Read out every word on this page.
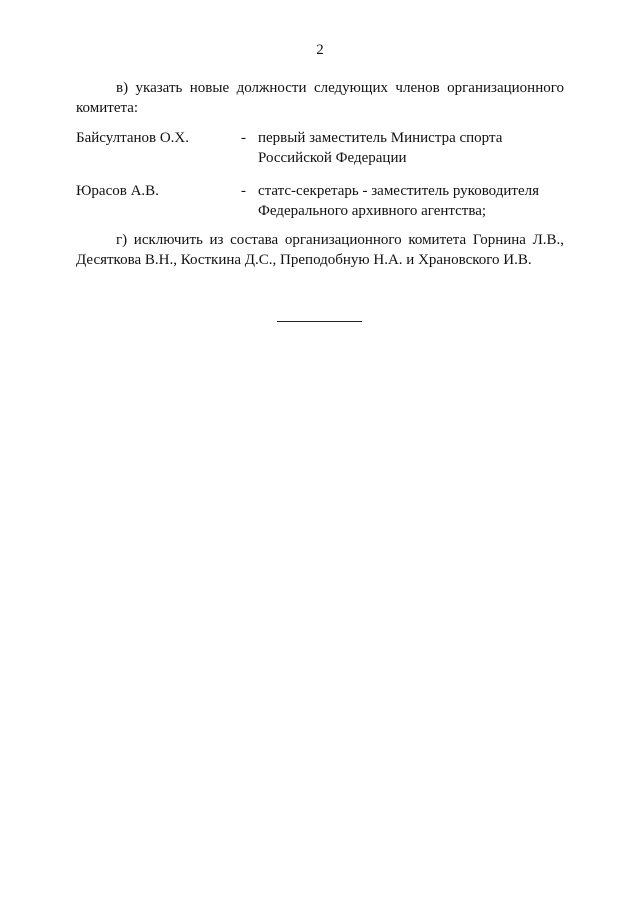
2

в) указать новые должности следующих членов организационного комитета:

Байсултанов О.Х.	- первый заместитель Министра спорта
Российской Федерации
Юрасов А.В.	- статс-секретарь - заместитель руководителя
Федерального архивного агентства;

г) исключить из состава организационного комитета Горнина Л.В., Десяткова В.Н., Косткина Д.С., Преподобную Н.А. и Храновского И.В.
